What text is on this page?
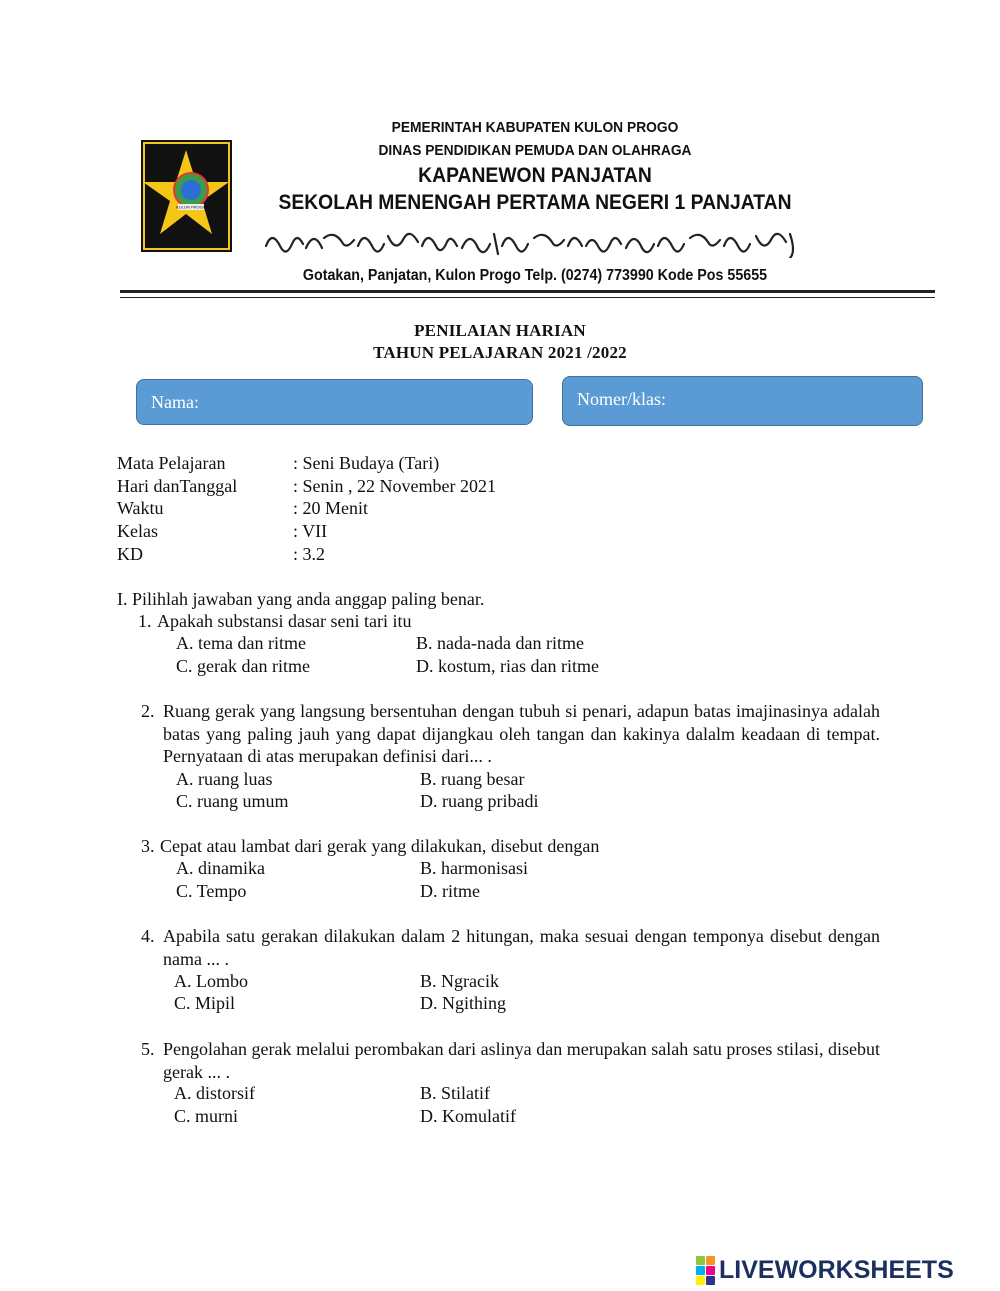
KULON PROGO
PEMERINTAH KABUPATEN KULON PROGO
DINAS PENDIDIKAN PEMUDA DAN OLAHRAGA
KAPANEWON PANJATAN
SEKOLAH MENENGAH PERTAMA NEGERI 1 PANJATAN
Gotakan, Panjatan, Kulon Progo Telp. (0274) 773990 Kode Pos 55655
PENILAIAN HARIAN
TAHUN PELAJARAN 2021 /2022
Nama:	Nomer/klas:
Mata Pelajaran	: Seni Budaya (Tari)
Hari danTanggal	: Senin , 22 November 2021
Waktu	: 20 Menit
Kelas	: VII
KD	: 3.2
I. Pilihlah jawaban yang anda anggap paling benar.
1. Apakah substansi dasar seni tari itu
A. tema dan ritme	B. nada-nada dan ritme
C. gerak dan ritme	D. kostum, rias dan ritme
2. Ruang gerak yang langsung bersentuhan dengan tubuh si penari, adapun batas imajinasinya adalah batas yang paling jauh yang dapat dijangkau oleh tangan dan kakinya dalalm keadaan di tempat. Pernyataan di atas merupakan definisi dari... .
A. ruang luas	B. ruang besar
C. ruang umum	D. ruang pribadi
3. Cepat atau lambat dari gerak yang dilakukan, disebut dengan
A. dinamika	B. harmonisasi
C. Tempo	D. ritme
4. Apabila satu gerakan dilakukan dalam 2 hitungan, maka sesuai dengan temponya disebut dengan nama ... .
A. Lombo	B. Ngracik
C. Mipil	D. Ngithing
5. Pengolahan gerak melalui perombakan dari aslinya dan merupakan salah satu proses stilasi, disebut gerak ... .
A. distorsif	B. Stilatif
C. murni	D. Komulatif
LIVEWORKSHEETS
